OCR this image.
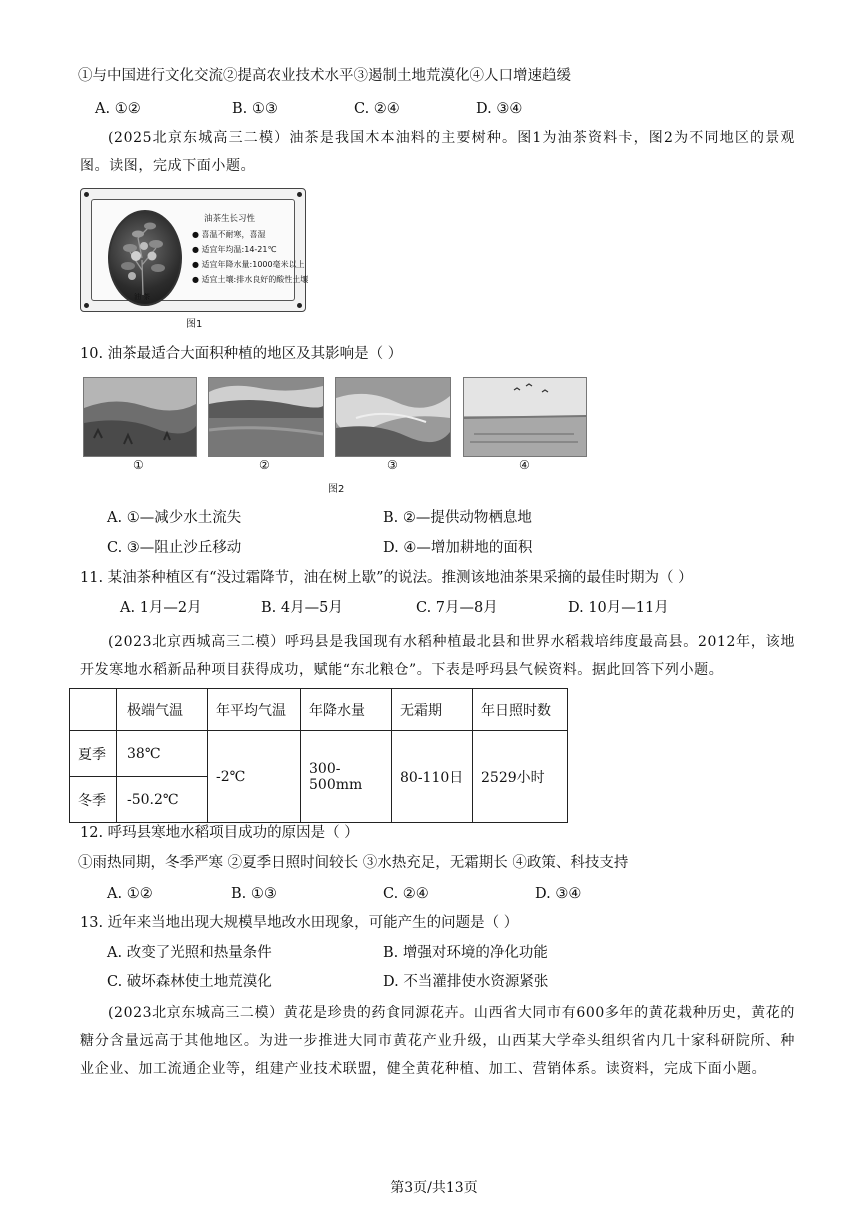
①与中国进行文化交流②提高农业技术水平③遏制土地荒漠化④人口增速趋缓
A. ①②	B. ①③	C. ②④	D. ③④
(2025北京东城高三二模）油茶是我国木本油料的主要树种。图1为油茶资料卡，图2为不同地区的景观图。读图，完成下面小题。
油茶生长习性
● 喜温不耐寒，喜湿
● 适宜年均温:14-21℃
● 适宜年降水量:1000毫米以上
● 适宜土壤:排水良好的酸性土壤
油 茶
图1
10. 油茶最适合大面积种植的地区及其影响是（ ）
①	②	③	④
图2
A. ①—减少水土流失	B. ②—提供动物栖息地
C. ③—阻止沙丘移动	D. ④—增加耕地的面积
11. 某油茶种植区有“没过霜降节，油在树上歇”的说法。推测该地油茶果采摘的最佳时期为（ ）
A. 1月—2月	B. 4月—5月	C. 7月—8月	D. 10月—11月
(2023北京西城高三二模）呼玛县是我国现有水稻种植最北县和世界水稻栽培纬度最高县。2012年，该地开发寒地水稻新品种项目获得成功，赋能“东北粮仓”。下表是呼玛县气候资料。据此回答下列小题。
	极端气温	年平均气温	年降水量	无霜期	年日照时数
夏季	38℃	-2℃	300-500mm	80-110日	2529小时
冬季	-50.2℃				
12. 呼玛县寒地水稻项目成功的原因是（ ）
①雨热同期，冬季严寒 ②夏季日照时间较长 ③水热充足，无霜期长 ④政策、科技支持
A. ①②	B. ①③	C. ②④	D. ③④
13. 近年来当地出现大规模旱地改水田现象，可能产生的问题是（ ）
A. 改变了光照和热量条件	B. 增强对环境的净化功能
C. 破坏森林使土地荒漠化	D. 不当灌排使水资源紧张
(2023北京东城高三二模）黄花是珍贵的药食同源花卉。山西省大同市有600多年的黄花栽种历史，黄花的糖分含量远高于其他地区。为进一步推进大同市黄花产业升级，山西某大学牵头组织省内几十家科研院所、种业企业、加工流通企业等，组建产业技术联盟，健全黄花种植、加工、营销体系。读资料，完成下面小题。
第3页/共13页
